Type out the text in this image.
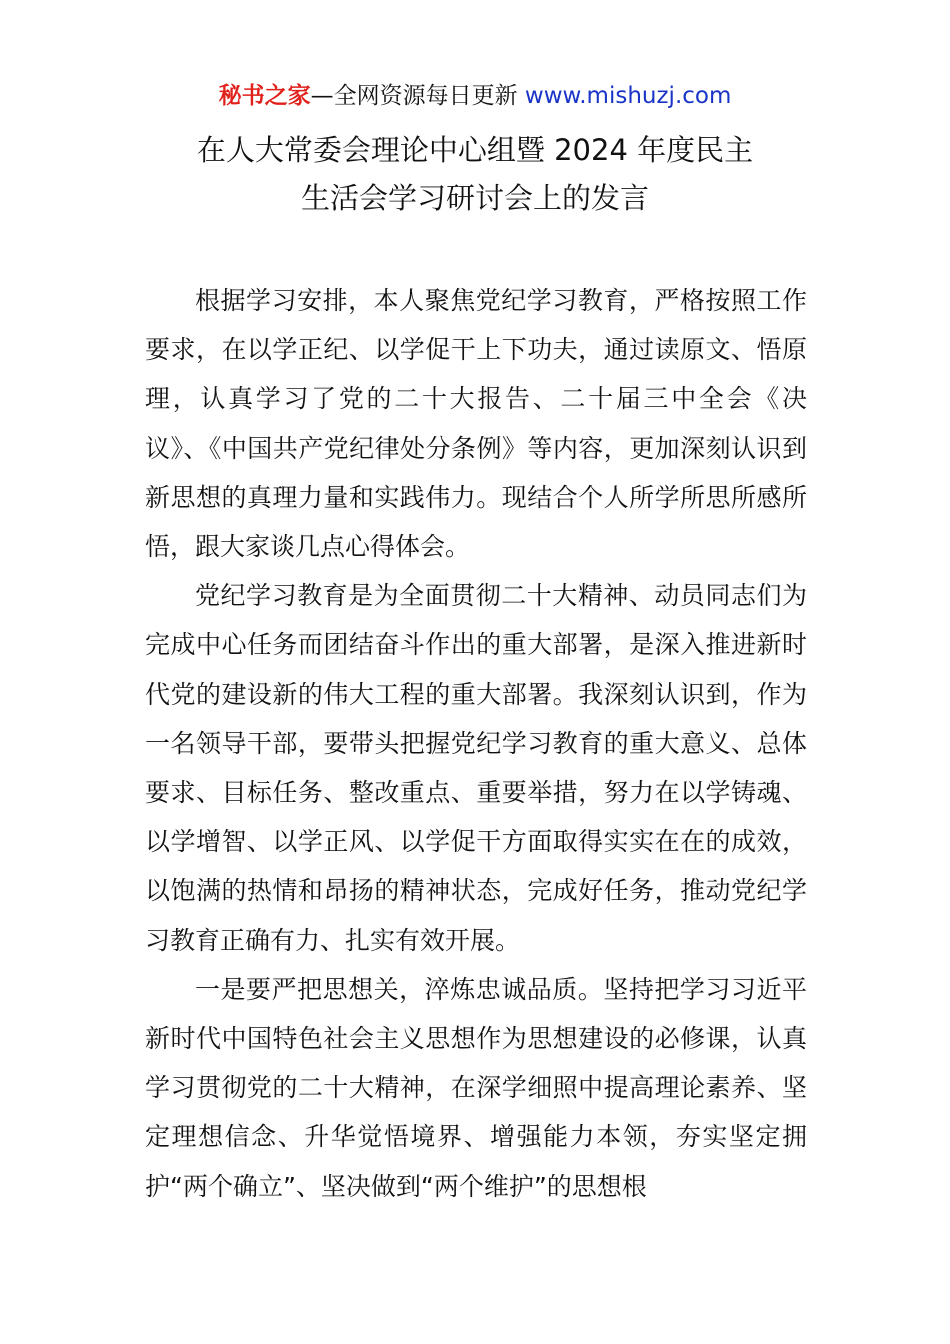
秘书之家—全网资源每日更新 www.mishuzj.com
在人大常委会理论中心组暨 2024 年度民主
生活会学习研讨会上的发言

根据学习安排，本人聚焦党纪学习教育，严格按照工作要求，在以学正纪、以学促干上下功夫，通过读原文、悟原理，认真学习了党的二十大报告、二十届三中全会《决议》、《中国共产党纪律处分条例》等内容，更加深刻认识到新思想的真理力量和实践伟力。现结合个人所学所思所感所悟，跟大家谈几点心得体会。

党纪学习教育是为全面贯彻二十大精神、动员同志们为完成中心任务而团结奋斗作出的重大部署，是深入推进新时代党的建设新的伟大工程的重大部署。我深刻认识到，作为一名领导干部，要带头把握党纪学习教育的重大意义、总体要求、目标任务、整改重点、重要举措，努力在以学铸魂、以学增智、以学正风、以学促干方面取得实实在在的成效，以饱满的热情和昂扬的精神状态，完成好任务，推动党纪学习教育正确有力、扎实有效开展。

一是要严把思想关，淬炼忠诚品质。坚持把学习习近平新时代中国特色社会主义思想作为思想建设的必修课，认真学习贯彻党的二十大精神，在深学细照中提高理论素养、坚定理想信念、升华觉悟境界、增强能力本领，夯实坚定拥护“两个确立”、坚决做到“两个维护”的思想根
